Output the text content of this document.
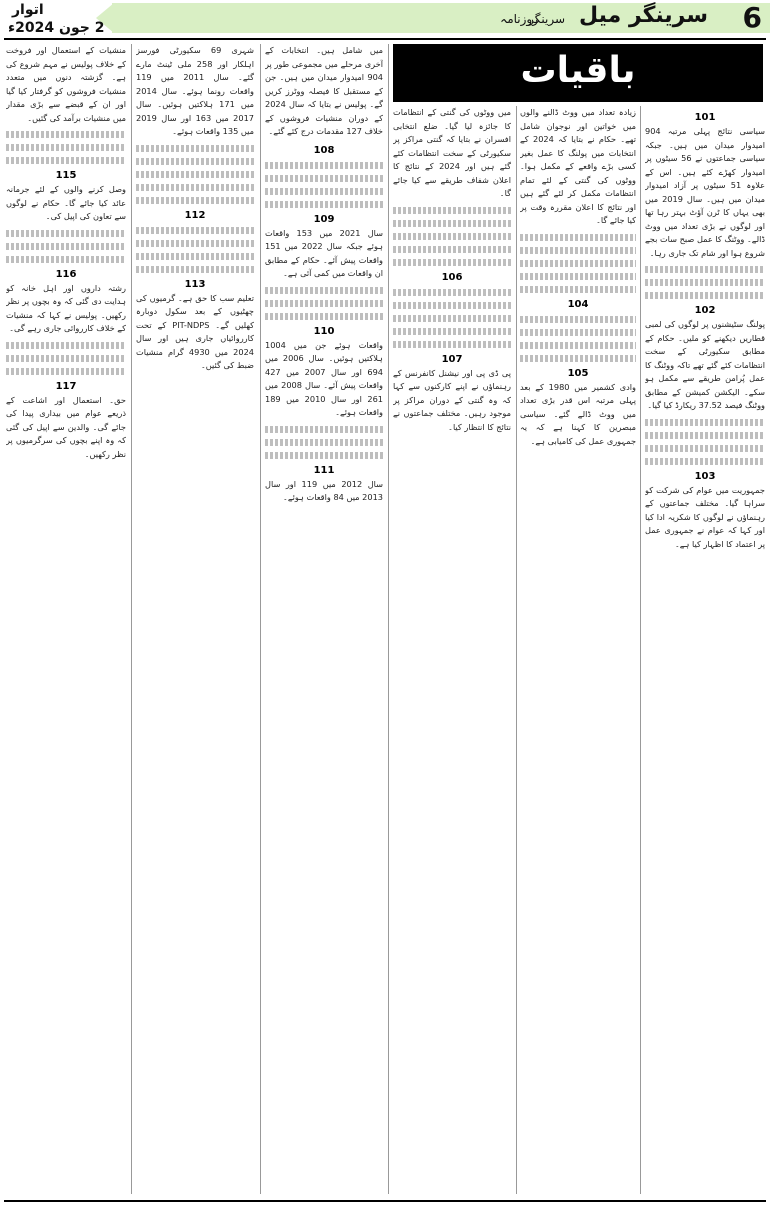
6
سرینگر میل
روزنامہ
سرینگر
اتوار
2 جون 2024ء
باقیات
101

سیاسی نتائج پہلی مرتبہ 904 امیدوار میدان میں ہیں۔ جبکہ سیاسی جماعتوں نے 56 سیٹوں پر امیدوار کھڑے کئے ہیں۔ اس کے علاوہ 51 سیٹوں پر آزاد امیدوار میدان میں ہیں۔ سال 2019 میں بھی یہاں کا ٹرن آؤٹ بہتر رہا تھا اور لوگوں نے بڑی تعداد میں ووٹ ڈالے۔ ووٹنگ کا عمل صبح سات بجے شروع ہوا اور شام تک جاری رہا۔

102

پولنگ سٹیشنوں پر لوگوں کی لمبی قطاریں دیکھنے کو ملیں۔ حکام کے مطابق سکیورٹی کے سخت انتظامات کئے گئے تھے تاکہ ووٹنگ کا عمل پُرامن طریقے سے مکمل ہو سکے۔ الیکشن کمیشن کے مطابق ووٹنگ فیصد 37.52 ریکارڈ کیا گیا۔

103

جمہوریت میں عوام کی شرکت کو سراہا گیا۔ مختلف جماعتوں کے رہنماؤں نے لوگوں کا شکریہ ادا کیا اور کہا کہ عوام نے جمہوری عمل پر اعتماد کا اظہار کیا ہے۔

زیادہ تعداد میں ووٹ ڈالنے والوں میں خواتین اور نوجوان شامل تھے۔ حکام نے بتایا کہ 2024 کے انتخابات میں پولنگ کا عمل بغیر کسی بڑے واقعے کے مکمل ہوا۔ ووٹوں کی گنتی کے لئے تمام انتظامات مکمل کر لئے گئے ہیں اور نتائج کا اعلان مقررہ وقت پر کیا جائے گا۔

104
105

وادی کشمیر میں 1980 کے بعد پہلی مرتبہ اس قدر بڑی تعداد میں ووٹ ڈالے گئے۔ سیاسی مبصرین کا کہنا ہے کہ یہ جمہوری عمل کی کامیابی ہے۔

میں ووٹوں کی گنتی کے انتظامات کا جائزہ لیا گیا۔ ضلع انتخابی افسران نے بتایا کہ گنتی مراکز پر سکیورٹی کے سخت انتظامات کئے گئے ہیں اور 2024 کے نتائج کا اعلان شفاف طریقے سے کیا جائے گا۔

106
107

پی ڈی پی اور نیشنل کانفرنس کے رہنماؤں نے اپنے کارکنوں سے کہا کہ وہ گنتی کے دوران مراکز پر موجود رہیں۔ مختلف جماعتوں نے نتائج کا انتظار کیا۔

میں شامل ہیں۔ انتخابات کے آخری مرحلے میں مجموعی طور پر 904 امیدوار میدان میں ہیں۔ جن کے مستقبل کا فیصلہ ووٹرز کریں گے۔ پولیس نے بتایا کہ سال 2024 کے دوران منشیات فروشوں کے خلاف 127 مقدمات درج کئے گئے۔

108
109

سال 2021 میں 153 واقعات ہوئے جبکہ سال 2022 میں 151 واقعات پیش آئے۔ حکام کے مطابق ان واقعات میں کمی آئی ہے۔

110

واقعات ہوئے جن میں 1004 ہلاکتیں ہوئیں۔ سال 2006 میں 694 اور سال 2007 میں 427 واقعات پیش آئے۔ سال 2008 میں 261 اور سال 2010 میں 189 واقعات ہوئے۔

111

سال 2012 میں 119 اور سال 2013 میں 84 واقعات ہوئے۔

شہری 69 سکیورٹی فورسز اہلکار اور 258 ملی ٹینٹ مارے گئے۔ سال 2011 میں 119 واقعات رونما ہوئے۔ سال 2014 میں 171 ہلاکتیں ہوئیں۔ سال 2017 میں 163 اور سال 2019 میں 135 واقعات ہوئے۔

112
113

تعلیم سب کا حق ہے۔ گرمیوں کی چھٹیوں کے بعد سکول دوبارہ کھلیں گے۔ PIT-NDPS کے تحت کارروائیاں جاری ہیں اور سال 2024 میں 4930 گرام منشیات ضبط کی گئیں۔

منشیات کے استعمال اور فروخت کے خلاف پولیس نے مہم شروع کی ہے۔ گزشتہ دنوں میں متعدد منشیات فروشوں کو گرفتار کیا گیا اور ان کے قبضے سے بڑی مقدار میں منشیات برآمد کی گئیں۔

115

وصل کرنے والوں کے لئے جرمانہ عائد کیا جائے گا۔ حکام نے لوگوں سے تعاون کی اپیل کی۔

116

رشتہ داروں اور اہل خانہ کو ہدایت دی گئی کہ وہ بچوں پر نظر رکھیں۔ پولیس نے کہا کہ منشیات کے خلاف کارروائی جاری رہے گی۔

117

حق۔ استعمال اور اشاعت کے ذریعے عوام میں بیداری پیدا کی جائے گی۔ والدین سے اپیل کی گئی کہ وہ اپنے بچوں کی سرگرمیوں پر نظر رکھیں۔
